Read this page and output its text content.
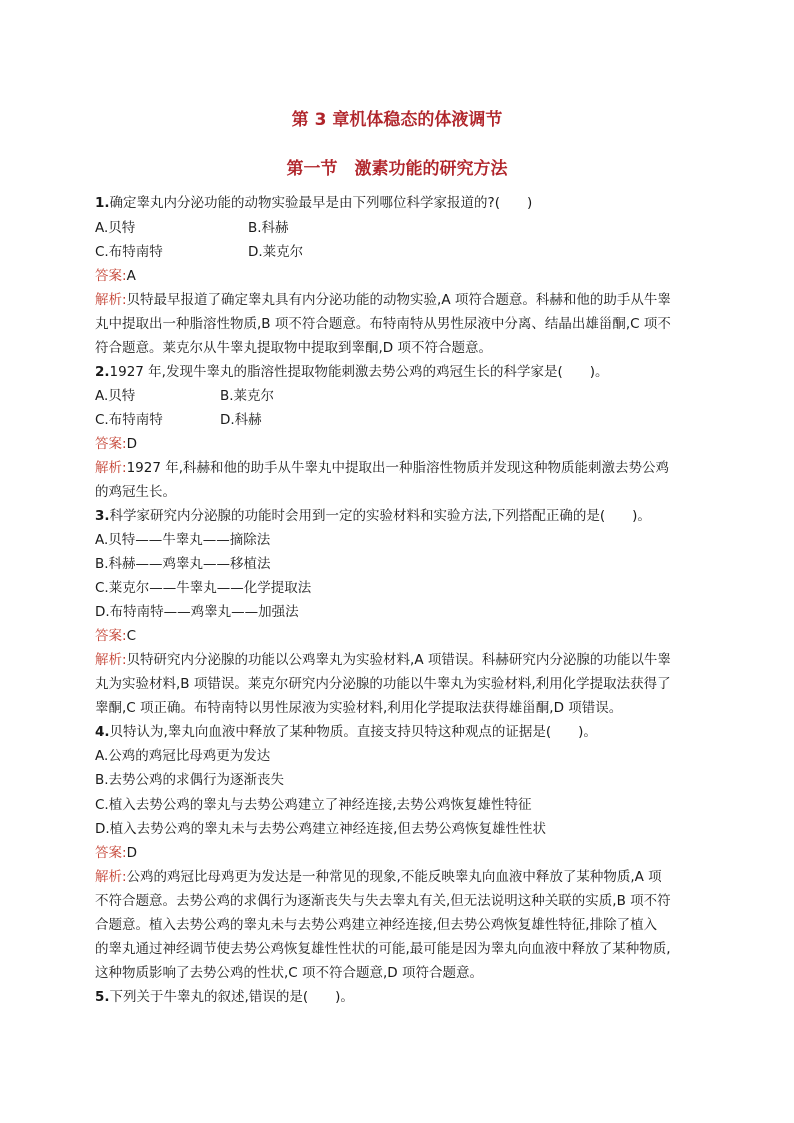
第 3 章机体稳态的体液调节
第一节　激素功能的研究方法
1.确定睾丸内分泌功能的动物实验最早是由下列哪位科学家报道的?(　　)
A.贝特	B.科赫
C.布特南特	D.莱克尔
答案:A
解析:贝特最早报道了确定睾丸具有内分泌功能的动物实验,A 项符合题意。科赫和他的助手从牛睾
丸中提取出一种脂溶性物质,B 项不符合题意。布特南特从男性尿液中分离、结晶出雄甾酮,C 项不
符合题意。莱克尔从牛睾丸提取物中提取到睾酮,D 项不符合题意。
2.1927 年,发现牛睾丸的脂溶性提取物能刺激去势公鸡的鸡冠生长的科学家是(　　)。
A.贝特	B.莱克尔
C.布特南特	D.科赫
答案:D
解析:1927 年,科赫和他的助手从牛睾丸中提取出一种脂溶性物质并发现这种物质能刺激去势公鸡
的鸡冠生长。
3.科学家研究内分泌腺的功能时会用到一定的实验材料和实验方法,下列搭配正确的是(　　)。
A.贝特——牛睾丸——摘除法
B.科赫——鸡睾丸——移植法
C.莱克尔——牛睾丸——化学提取法
D.布特南特——鸡睾丸——加强法
答案:C
解析:贝特研究内分泌腺的功能以公鸡睾丸为实验材料,A 项错误。科赫研究内分泌腺的功能以牛睾
丸为实验材料,B 项错误。莱克尔研究内分泌腺的功能以牛睾丸为实验材料,利用化学提取法获得了
睾酮,C 项正确。布特南特以男性尿液为实验材料,利用化学提取法获得雄甾酮,D 项错误。
4.贝特认为,睾丸向血液中释放了某种物质。直接支持贝特这种观点的证据是(　　)。
A.公鸡的鸡冠比母鸡更为发达
B.去势公鸡的求偶行为逐渐丧失
C.植入去势公鸡的睾丸与去势公鸡建立了神经连接,去势公鸡恢复雄性特征
D.植入去势公鸡的睾丸未与去势公鸡建立神经连接,但去势公鸡恢复雄性性状
答案:D
解析:公鸡的鸡冠比母鸡更为发达是一种常见的现象,不能反映睾丸向血液中释放了某种物质,A 项
不符合题意。去势公鸡的求偶行为逐渐丧失与失去睾丸有关,但无法说明这种关联的实质,B 项不符
合题意。植入去势公鸡的睾丸未与去势公鸡建立神经连接,但去势公鸡恢复雄性特征,排除了植入
的睾丸通过神经调节使去势公鸡恢复雄性性状的可能,最可能是因为睾丸向血液中释放了某种物质,
这种物质影响了去势公鸡的性状,C 项不符合题意,D 项符合题意。
5.下列关于牛睾丸的叙述,错误的是(　　)。
